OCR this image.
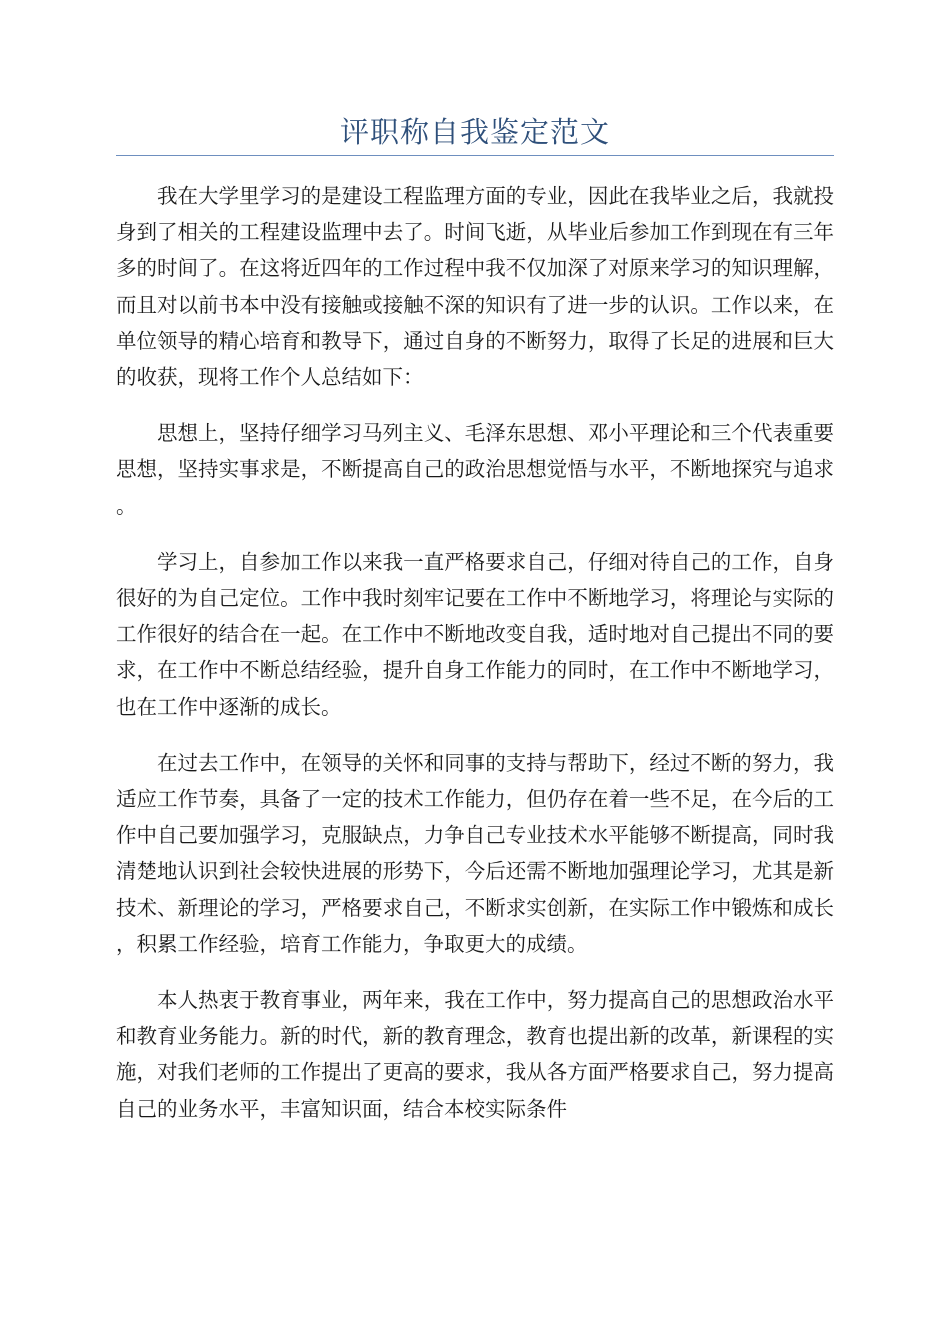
评职称自我鉴定范文

我在大学里学习的是建设工程监理方面的专业，因此在我毕业之后，我就投身到了相关的工程建设监理中去了。时间飞逝，从毕业后参加工作到现在有三年多的时间了。在这将近四年的工作过程中我不仅加深了对原来学习的知识理解，而且对以前书本中没有接触或接触不深的知识有了进一步的认识。工作以来，在单位领导的精心培育和教导下，通过自身的不断努力，取得了长足的进展和巨大的收获，现将工作个人总结如下：

思想上，坚持仔细学习马列主义、毛泽东思想、邓小平理论和三个代表重要思想，坚持实事求是，不断提高自己的政治思想觉悟与水平，不断地探究与追求。

学习上，自参加工作以来我一直严格要求自己，仔细对待自己的工作，自身很好的为自己定位。工作中我时刻牢记要在工作中不断地学习，将理论与实际的工作很好的结合在一起。在工作中不断地改变自我，适时地对自己提出不同的要求，在工作中不断总结经验，提升自身工作能力的同时，在工作中不断地学习，也在工作中逐渐的成长。

在过去工作中，在领导的关怀和同事的支持与帮助下，经过不断的努力，我适应工作节奏，具备了一定的技术工作能力，但仍存在着一些不足，在今后的工作中自己要加强学习，克服缺点，力争自己专业技术水平能够不断提高，同时我清楚地认识到社会较快进展的形势下，今后还需不断地加强理论学习，尤其是新技术、新理论的学习，严格要求自己，不断求实创新，在实际工作中锻炼和成长，积累工作经验，培育工作能力，争取更大的成绩。

本人热衷于教育事业，两年来，我在工作中，努力提高自己的思想政治水平和教育业务能力。新的时代，新的教育理念，教育也提出新的改革，新课程的实施，对我们老师的工作提出了更高的要求，我从各方面严格要求自己，努力提高自己的业务水平，丰富知识面，结合本校实际条件
